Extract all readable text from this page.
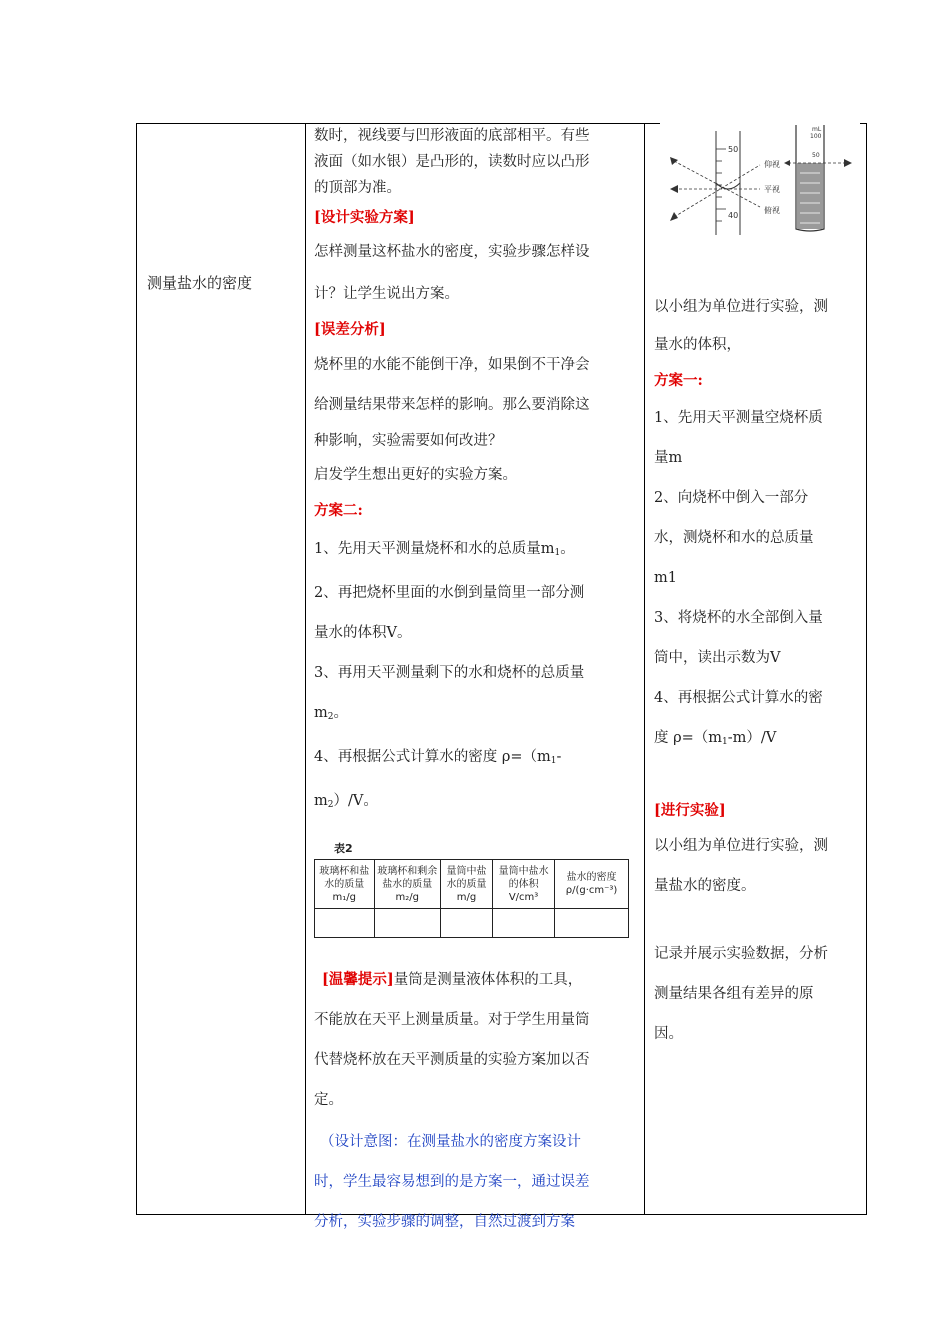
测量盐水的密度

数时，视线要与凹形液面的底部相平。有些

液面（如水银）是凸形的，读数时应以凸形

的顶部为准。

[设计实验方案]

怎样测量这杯盐水的密度，实验步骤怎样设

计？让学生说出方案。

[误差分析]

烧杯里的水能不能倒干净，如果倒不干净会

给测量结果带来怎样的影响。那么要消除这

种影响，实验需要如何改进？

启发学生想出更好的实验方案。

方案二:

1、先用天平测量烧杯和水的总质量$m_1$。

2、再把烧杯里面的水倒到量筒里一部分测

量水的体积V。

3、再用天平测量剩下的水和烧杯的总质量

$m_2$。

4、再根据公式计算水的密度 $\rho=(m_1-$

$m_2)/V$。

表2
玻璃杯和盐水的质量m₁/g	玻璃杯和剩余盐水的质量m₂/g	量筒中盐水的质量m/g	量筒中盐水的体积V/cm³	盐水的密度ρ/(g·cm⁻³)

[温馨提示]量筒是测量液体体积的工具，

不能放在天平上测量质量。对于学生用量筒

代替烧杯放在天平测质量的实验方案加以否

定。

（设计意图：在测量盐水的密度方案设计

时，学生最容易想到的是方案一，通过误差

分析，实验步骤的调整，自然过渡到方案

50
40
仰视
平视
俯视
mL
100
50

以小组为单位进行实验，测

量水的体积，

方案一:

1、先用天平测量空烧杯质

量m

2、向烧杯中倒入一部分

水，测烧杯和水的总质量

m1

3、将烧杯的水全部倒入量

筒中，读出示数为V

4、再根据公式计算水的密

度 $\rho=(m_1-m)/V$

[进行实验]

以小组为单位进行实验，测

量盐水的密度。

记录并展示实验数据，分析

测量结果各组有差异的原

因。
